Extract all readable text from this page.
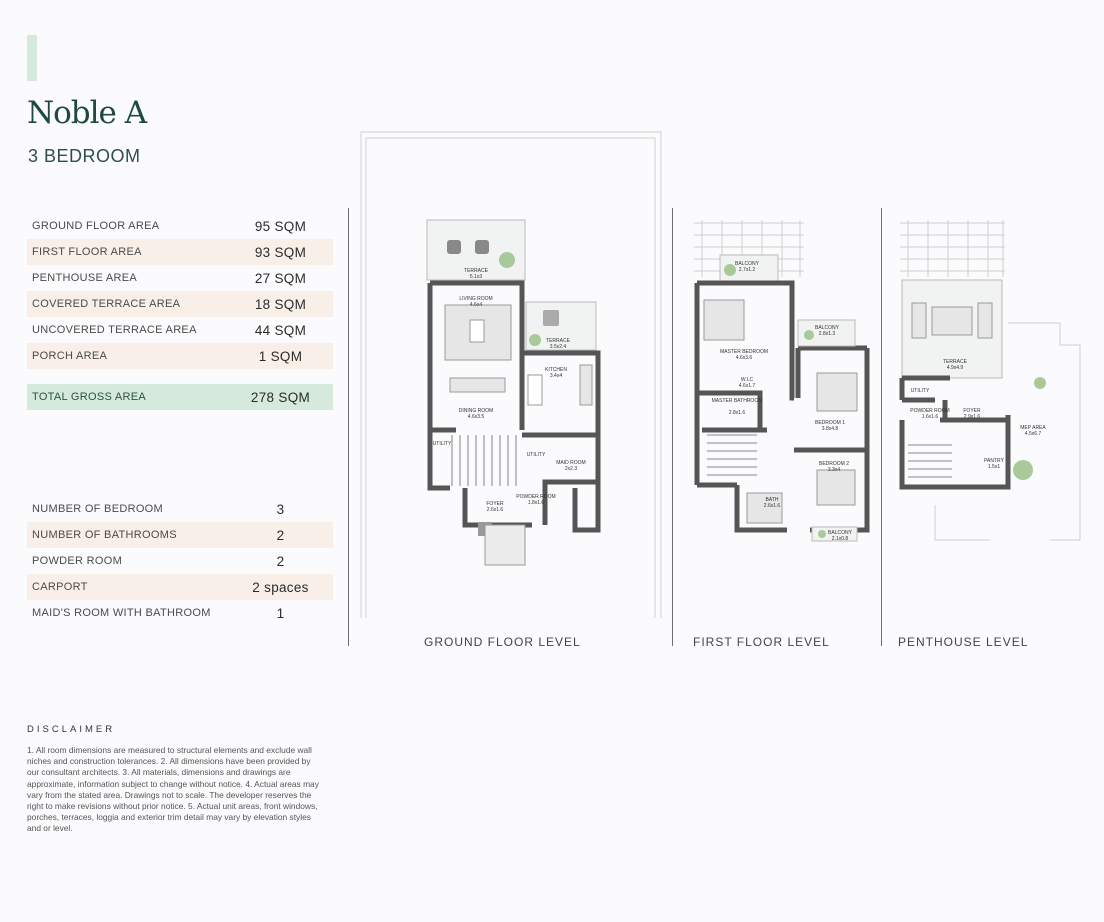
Noble A
3 BEDROOM
GROUND FLOOR AREA	95 SQM
FIRST FLOOR AREA	93 SQM
PENTHOUSE AREA	27 SQM
COVERED TERRACE AREA	18 SQM
UNCOVERED TERRACE AREA	44 SQM
PORCH AREA	1 SQM
TOTAL GROSS AREA	278 SQM
NUMBER OF BEDROOM	3
NUMBER OF BATHROOMS	2
POWDER ROOM	2
CARPORT	2 spaces
MAID'S ROOM WITH BATHROOM	1
DISCLAIMER

1. All room dimensions are measured to structural elements and exclude wall niches and construction tolerances. 2. All dimensions have been provided by our consultant architects. 3. All materials, dimensions and drawings are approximate, information subject to change without notice. 4. Actual areas may vary from the stated area. Drawings not to scale. The developer reserves the right to make revisions without prior notice. 5. Actual unit areas, front windows, porches, terraces, loggia and exterior trim detail may vary by elevation styles and or level.

TERRACE
5.1x3
LIVING ROOM
4.6x4
TERRACE
3.5x2.4
KITCHEN
3.4x4
DINING ROOM
4.6x3.5
UTILITY
UTILITY
MAID ROOM
2x2.3
FOYER
2.6x1.6
POWDER ROOM
1.8x1.6
BALCONY
2.7x1.2
MASTER BEDROOM
4.6x3.6
BALCONY
2.8x1.3
W.I.C
4.6x1.7
MASTER BATHROOM
2.8x1.6
BEDROOM 1
3.8x4.8
BEDROOM 2
3.3x4
BATH
2.6x1.6
BALCONY
2.1x0.8
TERRACE
4.9x4.9
UTILITY
POWDER ROOM
1.6x1.6
FOYER
2.9x1.6
PANTRY
1.5x1
MEP AREA
4.5x6.7
GROUND FLOOR LEVEL	FIRST FLOOR LEVEL	PENTHOUSE LEVEL
